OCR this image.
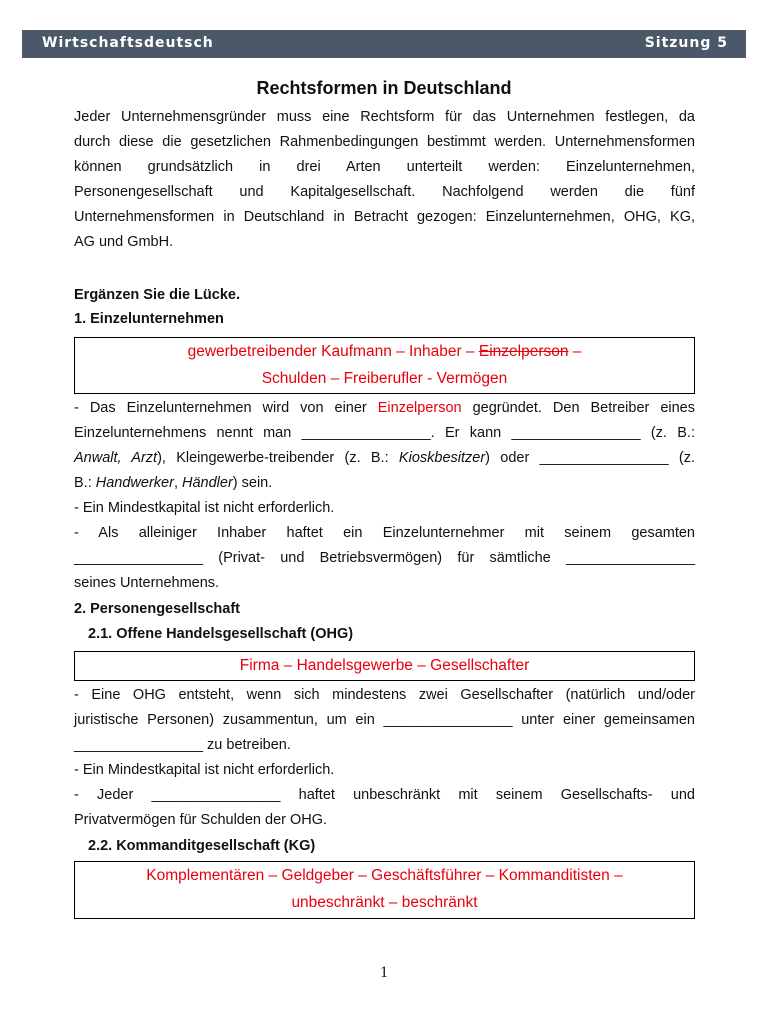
Wirtschaftsdeutsch	Sitzung 5
Rechtsformen in Deutschland
Jeder Unternehmensgründer muss eine Rechtsform für das Unternehmen festlegen, da
durch diese die gesetzlichen Rahmenbedingungen bestimmt werden. Unternehmensformen
können grundsätzlich in drei Arten unterteilt werden: Einzelunternehmen,
Personengesellschaft und Kapitalgesellschaft. Nachfolgend werden die fünf
Unternehmensformen in Deutschland in Betracht gezogen: Einzelunternehmen, OHG, KG,
AG und GmbH.
Ergänzen Sie die Lücke.
1. Einzelunternehmen
gewerbetreibender Kaufmann – Inhaber – Einzelperson –
Schulden – Freiberufler - Vermögen
- Das Einzelunternehmen wird von einer Einzelperson gegründet. Den Betreiber eines
Einzelunternehmens nennt man ________________. Er kann ________________ (z. B.:
Anwalt, Arzt), Kleingewerbe-treibender (z. B.: Kioskbesitzer) oder ________________ (z.
B.: Handwerker, Händler) sein.
- Ein Mindestkapital ist nicht erforderlich.
- Als alleiniger Inhaber haftet ein Einzelunternehmer mit seinem gesamten
________________ (Privat- und Betriebsvermögen) für sämtliche ________________
seines Unternehmens.
2. Personengesellschaft
2.1. Offene Handelsgesellschaft (OHG)
Firma – Handelsgewerbe – Gesellschafter
- Eine OHG entsteht, wenn sich mindestens zwei Gesellschafter (natürlich und/oder
juristische Personen) zusammentun, um ein ________________ unter einer gemeinsamen
________________ zu betreiben.
- Ein Mindestkapital ist nicht erforderlich.
- Jeder ________________ haftet unbeschränkt mit seinem Gesellschafts- und
Privatvermögen für Schulden der OHG.
2.2. Kommanditgesellschaft (KG)
Komplementären – Geldgeber – Geschäftsführer – Kommanditisten –
unbeschränkt – beschränkt
1
